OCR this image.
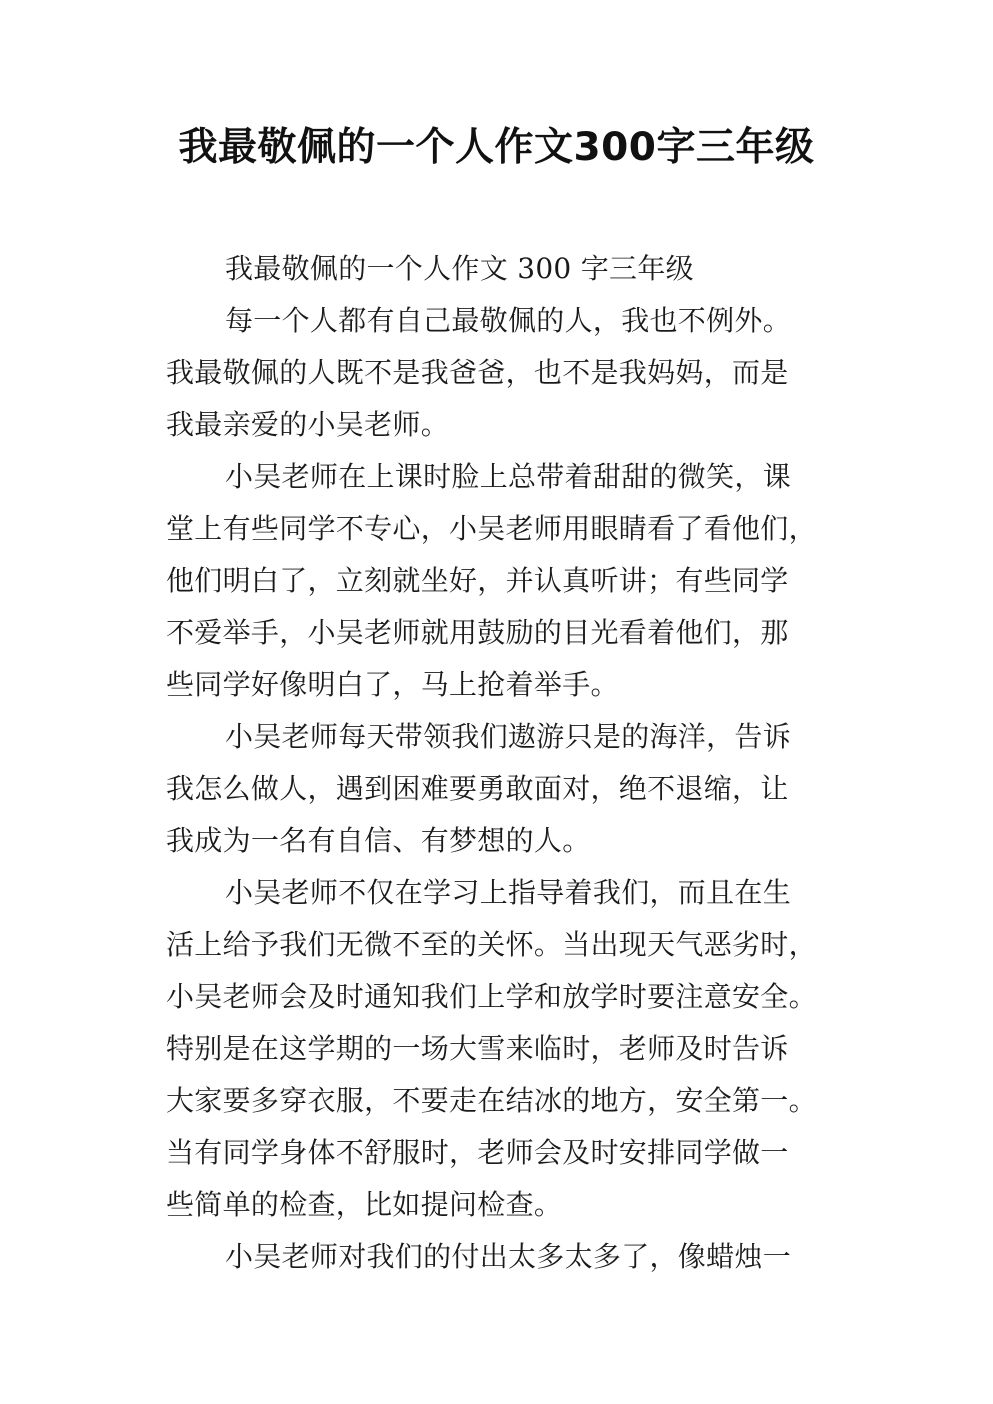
我最敬佩的一个人作文300字三年级
我最敬佩的一个人作文 300 字三年级
每一个人都有自己最敬佩的人，我也不例外。
我最敬佩的人既不是我爸爸，也不是我妈妈，而是
我最亲爱的小吴老师。
小吴老师在上课时脸上总带着甜甜的微笑，课
堂上有些同学不专心，小吴老师用眼睛看了看他们，
他们明白了，立刻就坐好，并认真听讲；有些同学
不爱举手，小吴老师就用鼓励的目光看着他们，那
些同学好像明白了，马上抢着举手。
小吴老师每天带领我们遨游只是的海洋，告诉
我怎么做人，遇到困难要勇敢面对，绝不退缩，让
我成为一名有自信、有梦想的人。
小吴老师不仅在学习上指导着我们，而且在生
活上给予我们无微不至的关怀。当出现天气恶劣时，
小吴老师会及时通知我们上学和放学时要注意安全。
特别是在这学期的一场大雪来临时，老师及时告诉
大家要多穿衣服，不要走在结冰的地方，安全第一。
当有同学身体不舒服时，老师会及时安排同学做一
些简单的检查，比如提问检查。
小吴老师对我们的付出太多太多了，像蜡烛一
